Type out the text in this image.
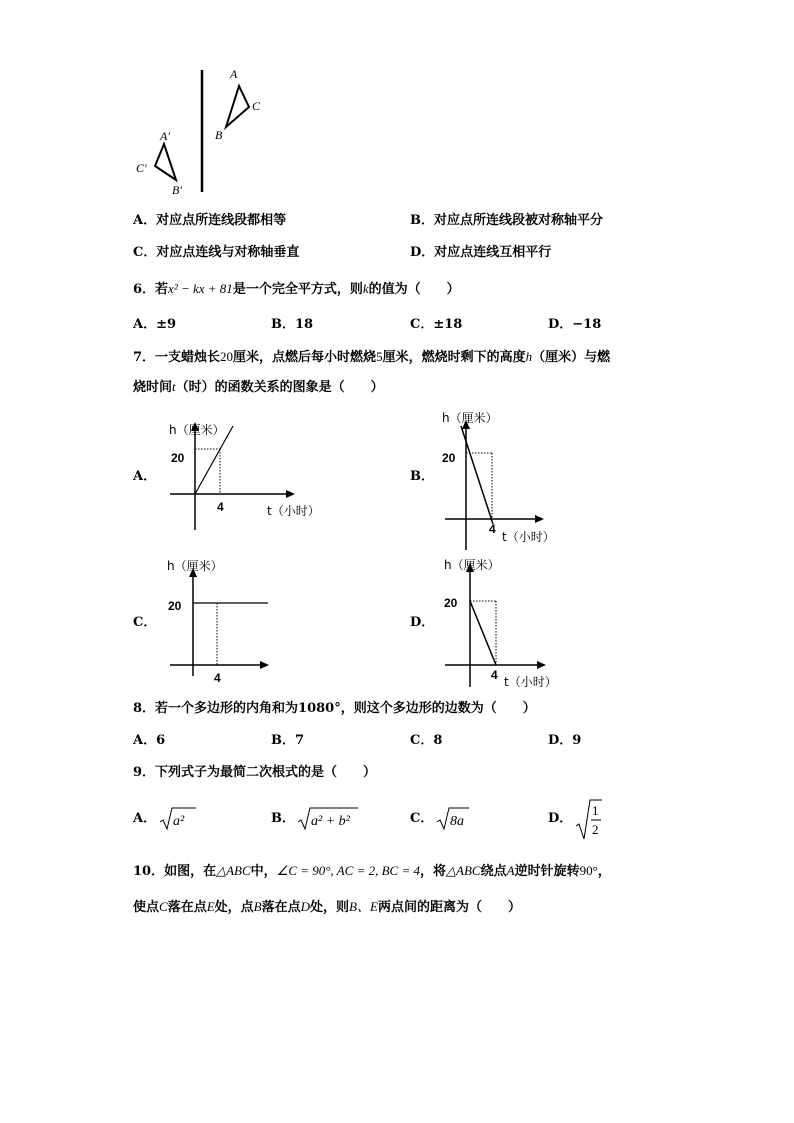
A
C
B
A′
C′
B′
A．对应点所连线段都相等	B．对应点所连线段被对称轴平分
C．对应点连线与对称轴垂直	D．对应点连线互相平行
6．若x² − kx + 81是一个完全平方式，则k的值为（　　）
A．±9	B．18	C．±18	D．−18
7．一支蜡烛长20厘米，点燃后每小时燃烧5厘米，燃烧时剩下的高度h（厘米）与燃
烧时间t（时）的函数关系的图象是（　　）
A．	B．
C．	D．
h（厘米）
20
4	t（小时）
h（厘米）
20
4
t（小时）
h（厘米）
20
4
h（厘米）
20
4 t（小时）
8．若一个多边形的内角和为1080°，则这个多边形的边数为（　　）
A．6	B．7	C．8	D．9
9．下列式子为最简二次根式的是（　　）
A． a²	B． a² + b²	C． 8a	D．
1
2
10．如图，在△ABC中，∠C = 90°, AC = 2, BC = 4，将△ABC绕点A逆时针旋转90°，
使点C落在点E处，点B落在点D处，则B、E两点间的距离为（　　）
